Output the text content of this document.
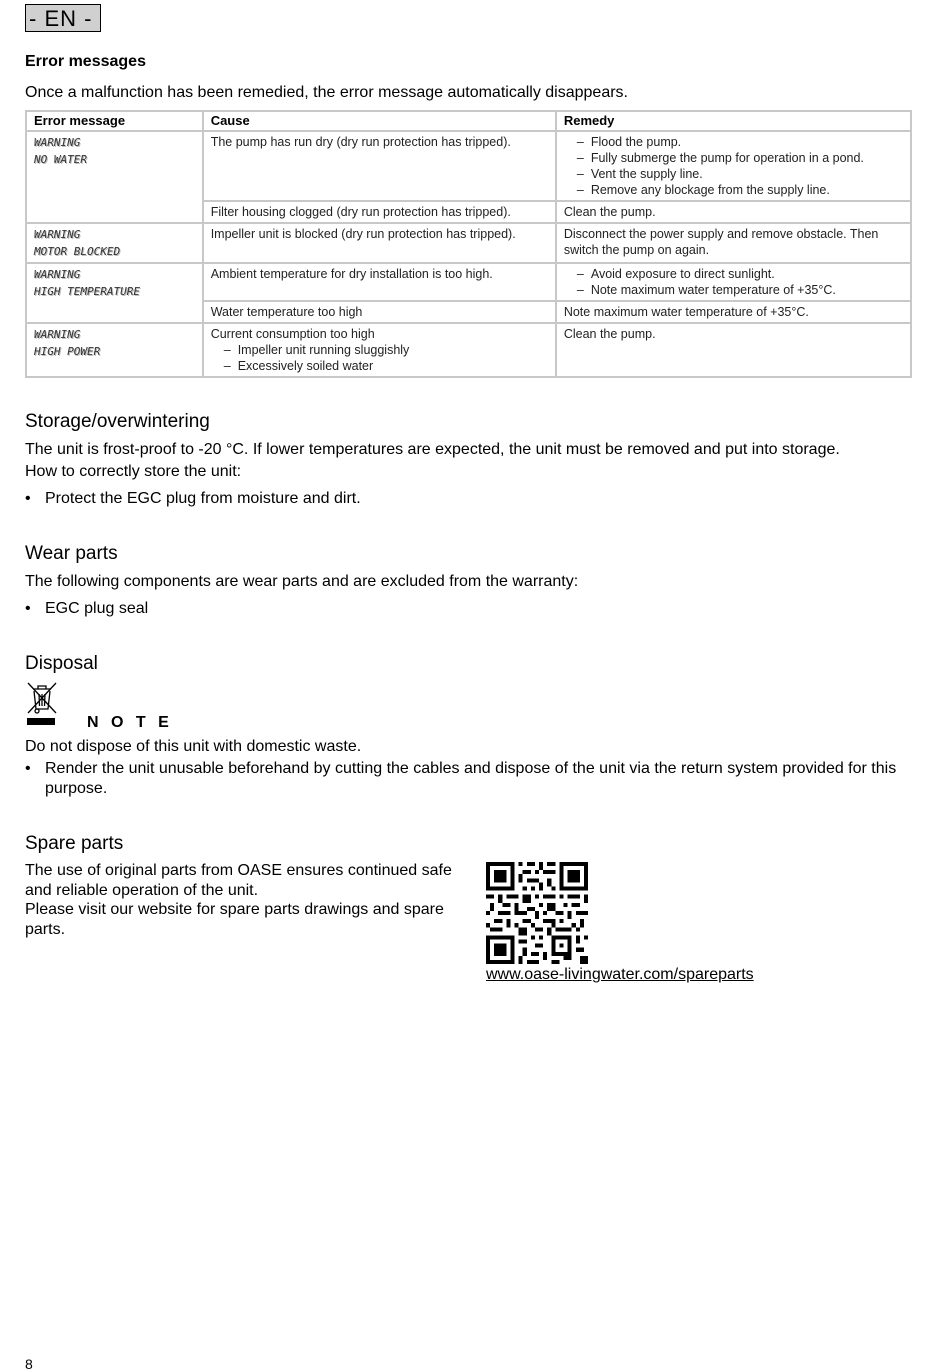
- EN -
Error messages
Once a malfunction has been remedied, the error message automatically disappears.
Error message	Cause	Remedy

WARNING
NO WATER	The pump has run dry (dry run protection has tripped).	– Flood the pump.
– Fully submerge the pump for operation in a pond.
– Vent the supply line.
– Remove any blockage from the supply line.

	Filter housing clogged (dry run protection has tripped).	Clean the pump.

WARNING
MOTOR BLOCKED	Impeller unit is blocked (dry run protection has tripped).	Disconnect the power supply and remove obstacle. Then switch the pump on again.

WARNING
HIGH TEMPERATURE	Ambient temperature for dry installation is too high.	– Avoid exposure to direct sunlight.
– Note maximum water temperature of +35°C.

	Water temperature too high	Note maximum water temperature of +35°C.

WARNING
HIGH POWER	Current consumption too high
– Impeller unit running sluggishly
– Excessively soiled water	Clean the pump.
Storage/overwintering
The unit is frost-proof to -20 °C. If lower temperatures are expected, the unit must be removed and put into storage.
How to correctly store the unit:
• Protect the EGC plug from moisture and dirt.
Wear parts
The following components are wear parts and are excluded from the warranty:
• EGC plug seal
Disposal
N O T E
Do not dispose of this unit with domestic waste.
• Render the unit unusable beforehand by cutting the cables and dispose of the unit via the return system provided for this purpose.
Spare parts
The use of original parts from OASE ensures continued safe and reliable operation of the unit.
Please visit our website for spare parts drawings and spare parts.
www.oase-livingwater.com/spareparts
8
